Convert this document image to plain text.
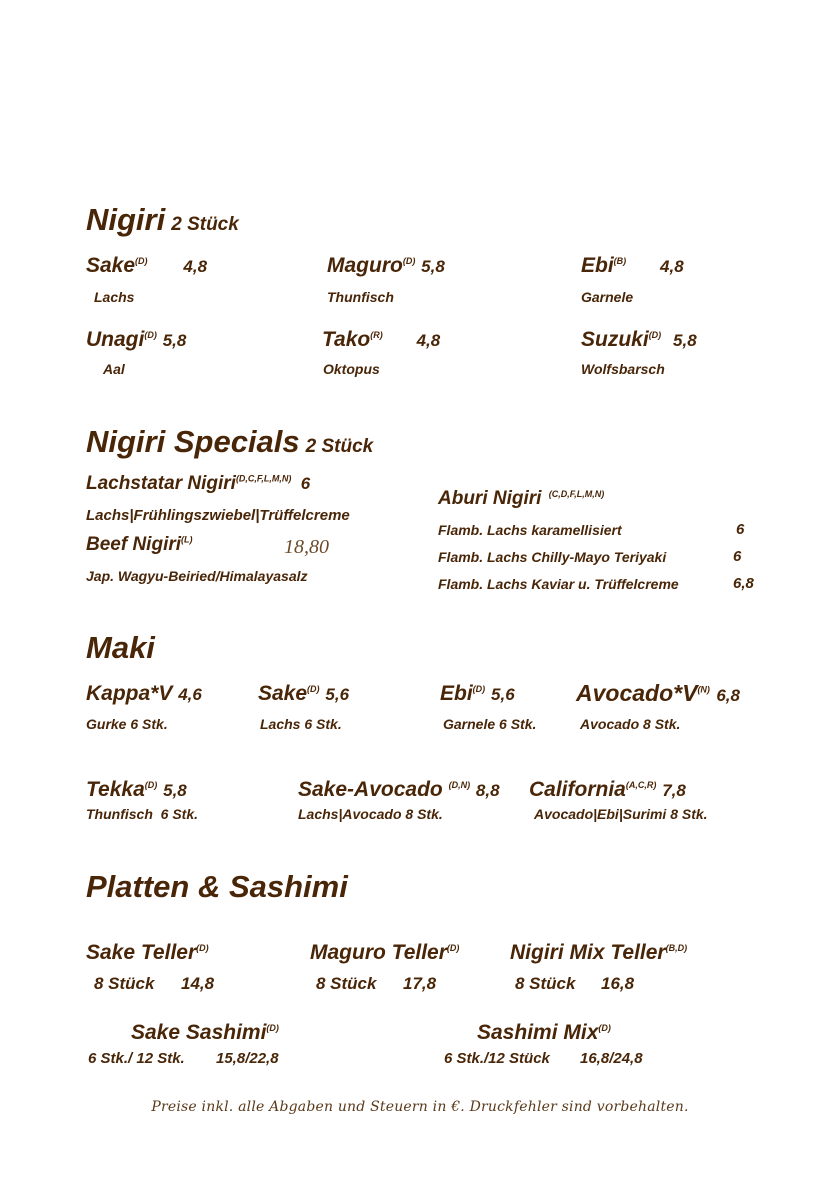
Nigiri 2 Stück
Sake$^{(D)}$ 4,8
Lachs
Maguro$^{(D)}$ 5,8
Thunfisch
Ebi$^{(B)}$ 4,8
Garnele
Unagi$^{(D)}$ 5,8
Aal
Tako$^{(R)}$ 4,8
Oktopus
Suzuki$^{(D)}$ 5,8
Wolfsbarsch
Nigiri Specials 2 Stück
Lachstatar Nigiri$^{(D,C,F,L,M,N)}$ 6
Lachs|Frühlingszwiebel|Trüffelcreme
Beef Nigiri$^{(L)}$	18,80
Jap. Wagyu-Beiried/Himalayasalz
Aburi Nigiri $^{(C,D,F,L,M,N)}$
Flamb. Lachs karamellisiert	6
Flamb. Lachs Chilly-Mayo Teriyaki	6
Flamb. Lachs Kaviar u. Trüffelcreme	6,8
Maki
Kappa*V 4,6
Gurke 6 Stk.
Sake$^{(D)}$ 5,6
Lachs 6 Stk.
Ebi$^{(D)}$ 5,6
Garnele 6 Stk.
$Avocado*V^{(N)}$ 6,8
Avocado 8 Stk.
Tekka$^{(D)}$ 5,8
Thunfisch  6 Stk.
Sake-Avocado $^{(D,N)}$ 8,8
Lachs|Avocado 8 Stk.
California$^{(A,C,R)}$ 7,8
Avocado|Ebi|Surimi 8 Stk.
Platten & Sashimi
Sake Teller$^{(D)}$
8 Stück 14,8
Maguro Teller$^{(D)}$
8 Stück 17,8
Nigiri Mix Teller$^{(B,D)}$
8 Stück 16,8
Sake Sashimi$^{(D)}$
6 Stk./ 12 Stk. 15,8/22,8
Sashimi Mix$^{(D)}$
6 Stk./12 Stück 16,8/24,8
Preise inkl. alle Abgaben und Steuern in €. Druckfehler sind vorbehalten.
